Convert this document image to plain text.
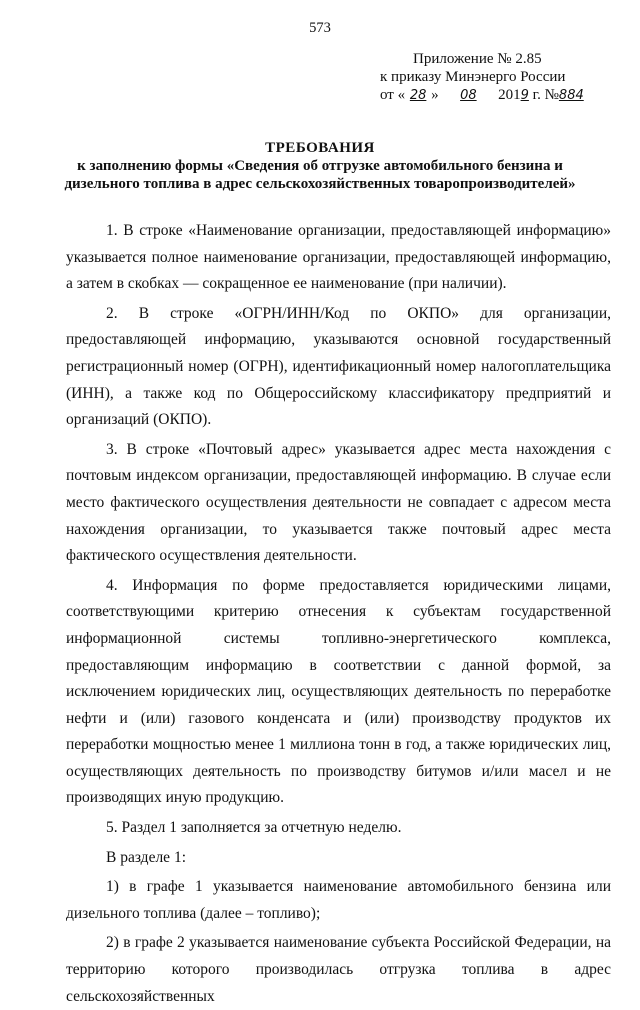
573
Приложение № 2.85
к приказу Минэнерго России
от « 28 » 08 2019 г. №884
ТРЕБОВАНИЯ
к заполнению формы «Сведения об отгрузке автомобильного бензина и
дизельного топлива в адрес сельскохозяйственных товаропроизводителей»

1. В строке «Наименование организации, предоставляющей информацию» указывается полное наименование организации, предоставляющей информацию, а затем в скобках — сокращенное ее наименование (при наличии).

2. В строке «ОГРН/ИНН/Код по ОКПО» для организации, предоставляющей информацию, указываются основной государственный регистрационный номер (ОГРН), идентификационный номер налогоплательщика (ИНН), а также код по Общероссийскому классификатору предприятий и организаций (ОКПО).

3. В строке «Почтовый адрес» указывается адрес места нахождения с почтовым индексом организации, предоставляющей информацию. В случае если место фактического осуществления деятельности не совпадает с адресом места нахождения организации, то указывается также почтовый адрес места фактического осуществления деятельности.

4. Информация по форме предоставляется юридическими лицами, соответствующими критерию отнесения к субъектам государственной информационной системы топливно-энергетического комплекса, предоставляющим информацию в соответствии с данной формой, за исключением юридических лиц, осуществляющих деятельность по переработке нефти и (или) газового конденсата и (или) производству продуктов их переработки мощностью менее 1 миллиона тонн в год, а также юридических лиц, осуществляющих деятельность по производству битумов и/или масел и не производящих иную продукцию.

5. Раздел 1 заполняется за отчетную неделю.

В разделе 1:

1) в графе 1 указывается наименование автомобильного бензина или дизельного топлива (далее – топливо);

2) в графе 2 указывается наименование субъекта Российской Федерации, на территорию которого производилась отгрузка топлива в адрес сельскохозяйственных
